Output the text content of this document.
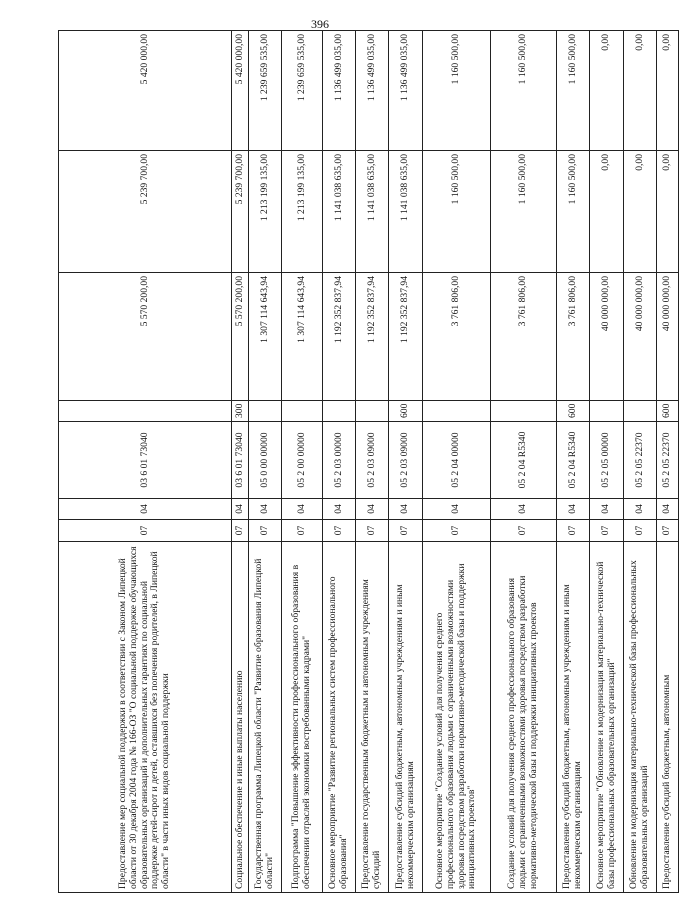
396
Предоставление мер социальной поддержки в соответствии с Законом Липецкой области от 30 декабря 2004 года № 166-ОЗ "О социальной поддержке обучающихся образовательных организаций и дополнительных гарантиях по социальной поддержке детей-сирот и детей, оставшихся без попечения родителей, в Липецкой области" в части иных видов социальной поддержки	07	04	03 6 01 73040		5 570 200,00	5 239 700,00	5 420 000,00
Социальное обеспечение и иные выплаты населению	07	04	03 6 01 73040	300	5 570 200,00	5 239 700,00	5 420 000,00
Государственная программа Липецкой области "Развитие образования Липецкой области"	07	04	05 0 00 00000		1 307 114 643,94	1 213 199 135,00	1 239 659 535,00
Подпрограмма "Повышение эффективности профессионального образования в обеспечении отраслей экономики востребованными кадрами"	07	04	05 2 00 00000		1 307 114 643,94	1 213 199 135,00	1 239 659 535,00
Основное мероприятие "Развитие региональных систем профессионального образования"	07	04	05 2 03 00000		1 192 352 837,94	1 141 038 635,00	1 136 499 035,00
Предоставление государственным бюджетным и автономным учреждениям субсидий	07	04	05 2 03 09000		1 192 352 837,94	1 141 038 635,00	1 136 499 035,00
Предоставление субсидий бюджетным, автономным учреждениям и иным некоммерческим организациям	07	04	05 2 03 09000	600	1 192 352 837,94	1 141 038 635,00	1 136 499 035,00
Основное мероприятие "Создание условий для получения среднего профессионального образования людьми с ограниченными возможностями здоровья посредством разработки нормативно-методической базы и поддержки инициативных проектов"	07	04	05 2 04 00000		3 761 806,00	1 160 500,00	1 160 500,00
Создание условий для получения среднего профессионального образования людьми с ограниченными возможностями здоровья посредством разработки нормативно-методической базы и поддержки инициативных проектов	07	04	05 2 04 R5340		3 761 806,00	1 160 500,00	1 160 500,00
Предоставление субсидий бюджетным, автономным учреждениям и иным некоммерческим организациям	07	04	05 2 04 R5340	600	3 761 806,00	1 160 500,00	1 160 500,00
Основное мероприятие "Обновление и модернизация материально-технической базы профессиональных образовательных организаций"	07	04	05 2 05 00000		40 000 000,00	0,00	0,00
Обновление и модернизация материально-технической базы профессиональных образовательных организаций	07	04	05 2 05 22370		40 000 000,00	0,00	0,00
Предоставление субсидий бюджетным, автономным	07	04	05 2 05 22370	600	40 000 000,00	0,00	0,00
